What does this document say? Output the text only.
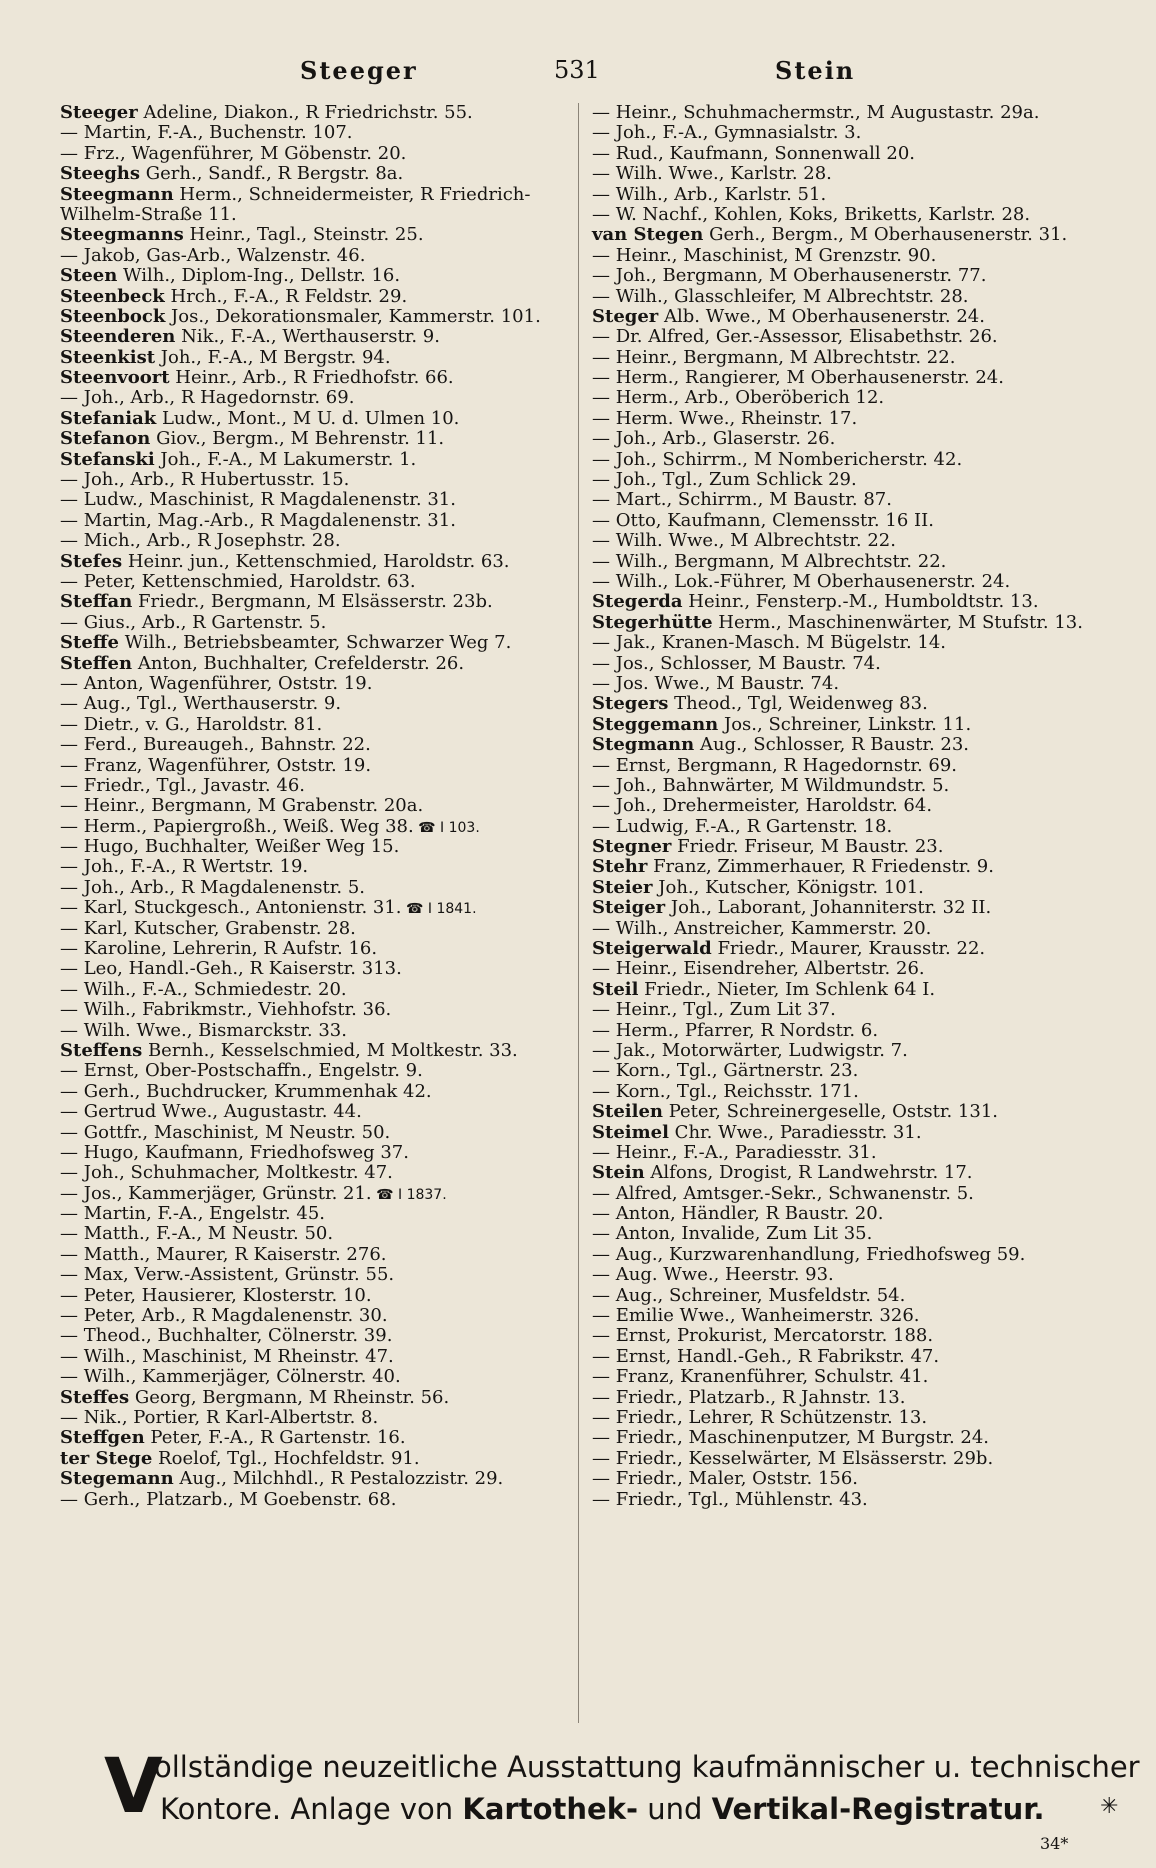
Steeger	531	Stein
Steeger Adeline, Diakon., R Friedrichstr. 55.
— Martin, F.-A., Buchenstr. 107.
— Frz., Wagenführer, M Göbenstr. 20.
Steeghs Gerh., Sandf., R Bergstr. 8a.
Steegmann Herm., Schneidermeister, R Friedrich-
Wilhelm-Straße 11.
Steegmanns Heinr., Tagl., Steinstr. 25.
— Jakob, Gas-Arb., Walzenstr. 46.
Steen Wilh., Diplom-Ing., Dellstr. 16.
Steenbeck Hrch., F.-A., R Feldstr. 29.
Steenbock Jos., Dekorationsmaler, Kammerstr. 101.
Steenderen Nik., F.-A., Werthauserstr. 9.
Steenkist Joh., F.-A., M Bergstr. 94.
Steenvoort Heinr., Arb., R Friedhofstr. 66.
— Joh., Arb., R Hagedornstr. 69.
Stefaniak Ludw., Mont., M U. d. Ulmen 10.
Stefanon Giov., Bergm., M Behrenstr. 11.
Stefanski Joh., F.-A., M Lakumerstr. 1.
— Joh., Arb., R Hubertusstr. 15.
— Ludw., Maschinist, R Magdalenenstr. 31.
— Martin, Mag.-Arb., R Magdalenenstr. 31.
— Mich., Arb., R Josephstr. 28.
Stefes Heinr. jun., Kettenschmied, Haroldstr. 63.
— Peter, Kettenschmied, Haroldstr. 63.
Steffan Friedr., Bergmann, M Elsässerstr. 23b.
— Gius., Arb., R Gartenstr. 5.
Steffe Wilh., Betriebsbeamter, Schwarzer Weg 7.
Steffen Anton, Buchhalter, Crefelderstr. 26.
— Anton, Wagenführer, Oststr. 19.
— Aug., Tgl., Werthauserstr. 9.
— Dietr., v. G., Haroldstr. 81.
— Ferd., Bureaugeh., Bahnstr. 22.
— Franz, Wagenführer, Oststr. 19.
— Friedr., Tgl., Javastr. 46.
— Heinr., Bergmann, M Grabenstr. 20a.
— Herm., Papiergroßh., Weiß. Weg 38. ☎ I 103.
— Hugo, Buchhalter, Weißer Weg 15.
— Joh., F.-A., R Wertstr. 19.
— Joh., Arb., R Magdalenenstr. 5.
— Karl, Stuckgesch., Antonienstr. 31. ☎ I 1841.
— Karl, Kutscher, Grabenstr. 28.
— Karoline, Lehrerin, R Aufstr. 16.
— Leo, Handl.-Geh., R Kaiserstr. 313.
— Wilh., F.-A., Schmiedestr. 20.
— Wilh., Fabrikmstr., Viehhofstr. 36.
— Wilh. Wwe., Bismarckstr. 33.
Steffens Bernh., Kesselschmied, M Moltkestr. 33.
— Ernst, Ober-Postschaffn., Engelstr. 9.
— Gerh., Buchdrucker, Krummenhak 42.
— Gertrud Wwe., Augustastr. 44.
— Gottfr., Maschinist, M Neustr. 50.
— Hugo, Kaufmann, Friedhofsweg 37.
— Joh., Schuhmacher, Moltkestr. 47.
— Jos., Kammerjäger, Grünstr. 21. ☎ I 1837.
— Martin, F.-A., Engelstr. 45.
— Matth., F.-A., M Neustr. 50.
— Matth., Maurer, R Kaiserstr. 276.
— Max, Verw.-Assistent, Grünstr. 55.
— Peter, Hausierer, Klosterstr. 10.
— Peter, Arb., R Magdalenenstr. 30.
— Theod., Buchhalter, Cölnerstr. 39.
— Wilh., Maschinist, M Rheinstr. 47.
— Wilh., Kammerjäger, Cölnerstr. 40.
Steffes Georg, Bergmann, M Rheinstr. 56.
— Nik., Portier, R Karl-Albertstr. 8.
Steffgen Peter, F.-A., R Gartenstr. 16.
ter Stege Roelof, Tgl., Hochfeldstr. 91.
Stegemann Aug., Milchhdl., R Pestalozzistr. 29.
— Gerh., Platzarb., M Goebenstr. 68.
— Heinr., Schuhmachermstr., M Augustastr. 29a.
— Joh., F.-A., Gymnasialstr. 3.
— Rud., Kaufmann, Sonnenwall 20.
— Wilh. Wwe., Karlstr. 28.
— Wilh., Arb., Karlstr. 51.
— W. Nachf., Kohlen, Koks, Briketts, Karlstr. 28.
van Stegen Gerh., Bergm., M Oberhausenerstr. 31.
— Heinr., Maschinist, M Grenzstr. 90.
— Joh., Bergmann, M Oberhausenerstr. 77.
— Wilh., Glasschleifer, M Albrechtstr. 28.
Steger Alb. Wwe., M Oberhausenerstr. 24.
— Dr. Alfred, Ger.-Assessor, Elisabethstr. 26.
— Heinr., Bergmann, M Albrechtstr. 22.
— Herm., Rangierer, M Oberhausenerstr. 24.
— Herm., Arb., Oberöberich 12.
— Herm. Wwe., Rheinstr. 17.
— Joh., Arb., Glaserstr. 26.
— Joh., Schirrm., M Nombericherstr. 42.
— Joh., Tgl., Zum Schlick 29.
— Mart., Schirrm., M Baustr. 87.
— Otto, Kaufmann, Clemensstr. 16 II.
— Wilh. Wwe., M Albrechtstr. 22.
— Wilh., Bergmann, M Albrechtstr. 22.
— Wilh., Lok.-Führer, M Oberhausenerstr. 24.
Stegerda Heinr., Fensterp.-M., Humboldtstr. 13.
Stegerhütte Herm., Maschinenwärter, M Stufstr. 13.
— Jak., Kranen-Masch. M Bügelstr. 14.
— Jos., Schlosser, M Baustr. 74.
— Jos. Wwe., M Baustr. 74.
Stegers Theod., Tgl, Weidenweg 83.
Steggemann Jos., Schreiner, Linkstr. 11.
Stegmann Aug., Schlosser, R Baustr. 23.
— Ernst, Bergmann, R Hagedornstr. 69.
— Joh., Bahnwärter, M Wildmundstr. 5.
— Joh., Drehermeister, Haroldstr. 64.
— Ludwig, F.-A., R Gartenstr. 18.
Stegner Friedr. Friseur, M Baustr. 23.
Stehr Franz, Zimmerhauer, R Friedenstr. 9.
Steier Joh., Kutscher, Königstr. 101.
Steiger Joh., Laborant, Johanniterstr. 32 II.
— Wilh., Anstreicher, Kammerstr. 20.
Steigerwald Friedr., Maurer, Krausstr. 22.
— Heinr., Eisendreher, Albertstr. 26.
Steil Friedr., Nieter, Im Schlenk 64 I.
— Heinr., Tgl., Zum Lit 37.
— Herm., Pfarrer, R Nordstr. 6.
— Jak., Motorwärter, Ludwigstr. 7.
— Korn., Tgl., Gärtnerstr. 23.
— Korn., Tgl., Reichsstr. 171.
Steilen Peter, Schreinergeselle, Oststr. 131.
Steimel Chr. Wwe., Paradiesstr. 31.
— Heinr., F.-A., Paradiesstr. 31.
Stein Alfons, Drogist, R Landwehrstr. 17.
— Alfred, Amtsger.-Sekr., Schwanenstr. 5.
— Anton, Händler, R Baustr. 20.
— Anton, Invalide, Zum Lit 35.
— Aug., Kurzwarenhandlung, Friedhofsweg 59.
— Aug. Wwe., Heerstr. 93.
— Aug., Schreiner, Musfeldstr. 54.
— Emilie Wwe., Wanheimerstr. 326.
— Ernst, Prokurist, Mercatorstr. 188.
— Ernst, Handl.-Geh., R Fabrikstr. 47.
— Franz, Kranenführer, Schulstr. 41.
— Friedr., Platzarb., R Jahnstr. 13.
— Friedr., Lehrer, R Schützenstr. 13.
— Friedr., Maschinenputzer, M Burgstr. 24.
— Friedr., Kesselwärter, M Elsässerstr. 29b.
— Friedr., Maler, Oststr. 156.
— Friedr., Tgl., Mühlenstr. 43.
V
ollständige neuzeitliche Ausstattung kaufmännischer u. technischer
Kontore. Anlage von Kartothek- und Vertikal-Registratur.	✳
34*
